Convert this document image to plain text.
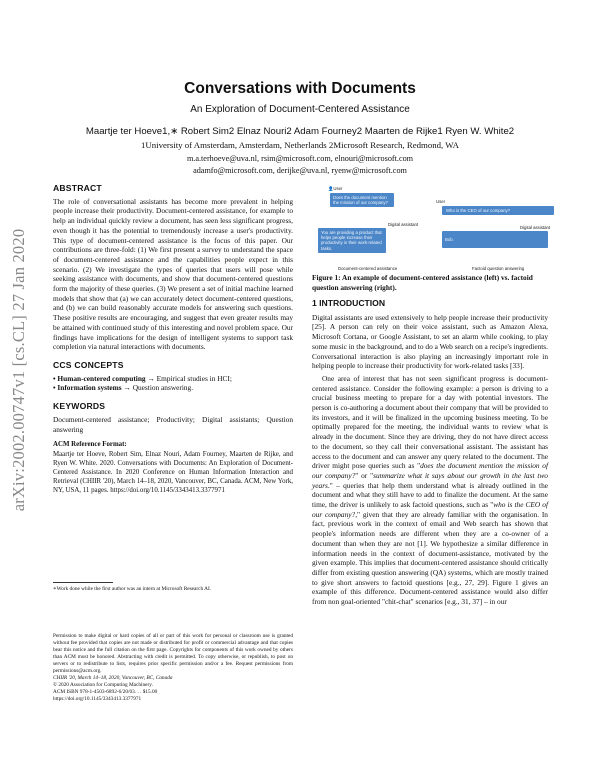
arXiv:2002.00747v1 [cs.CL] 27 Jan 2020
Conversations with Documents
An Exploration of Document-Centered Assistance
Maartje ter Hoeve1,∗ Robert Sim2 Elnaz Nouri2 Adam Fourney2 Maarten de Rijke1 Ryen W. White2
1University of Amsterdam, Amsterdam, Netherlands 2Microsoft Research, Redmond, WA
m.a.terhoeve@uva.nl, rsim@microsoft.com, elnouri@microsoft.com
adamfo@microsoft.com, derijke@uva.nl, ryenw@microsoft.com
ABSTRACT

The role of conversational assistants has become more prevalent in helping people increase their productivity. Document-centered assistance, for example to help an individual quickly review a document, has seen less significant progress, even though it has the potential to tremendously increase a user's productivity. This type of document-centered assistance is the focus of this paper. Our contributions are three-fold: (1) We first present a survey to understand the space of document-centered assistance and the capabilities people expect in this scenario. (2) We investigate the types of queries that users will pose while seeking assistance with documents, and show that document-centered questions form the majority of these queries. (3) We present a set of initial machine learned models that show that (a) we can accurately detect document-centered questions, and (b) we can build reasonably accurate models for answering such questions. These positive results are encouraging, and suggest that even greater results may be attained with continued study of this interesting and novel problem space. Our findings have implications for the design of intelligent systems to support task completion via natural interactions with documents.

CCS CONCEPTS
• Human-centered computing → Empirical studies in HCI;
• Information systems → Question answering.
KEYWORDS

Document-centered assistance; Productivity; Digital assistants; Question answering

ACM Reference Format:

Maartje ter Hoeve, Robert Sim, Elnaz Nouri, Adam Fourney, Maarten de Rijke, and Ryen W. White. 2020. Conversations with Documents: An Exploration of Document-Centered Assistance. In 2020 Conference on Human Information Interaction and Retrieval (CHIIR '20), March 14–18, 2020, Vancouver, BC, Canada. ACM, New York, NY, USA, 11 pages. https://doi.org/10.1145/3343413.3377971

∗Work done while the first author was an intern at Microsoft Research AI.
Permission to make digital or hard copies of all or part of this work for personal or classroom use is granted without fee provided that copies are not made or distributed for profit or commercial advantage and that copies bear this notice and the full citation on the first page. Copyrights for components of this work owned by others than ACM must be honored. Abstracting with credit is permitted. To copy otherwise, or republish, to post on servers or to redistribute to lists, requires prior specific permission and/or a fee. Request permissions from permissions@acm.org.
CHIIR '20, March 14–18, 2020, Vancouver, BC, Canada
© 2020 Association for Computing Machinery.
ACM ISBN 978-1-4503-6892-6/20/03. . . $15.00
https://doi.org/10.1145/3343413.3377971
👤User
Does the document mention the mission of our company?
Digital assistant
You are providing a product that helps people increase their productivity in their work-related tasks.
Document-centered assistance
User
Who is the CEO of our company?
Digital assistant
Bob.
Factoid question answering
Figure 1: An example of document-centered assistance (left) vs. factoid question answering (right).
1 INTRODUCTION

Digital assistants are used extensively to help people increase their productivity [25]. A person can rely on their voice assistant, such as Amazon Alexa, Microsoft Cortana, or Google Assistant, to set an alarm while cooking, to play some music in the background, and to do a Web search on a recipe's ingredients. Conversational interaction is also playing an increasingly important role in helping people to increase their productivity for work-related tasks [33].

One area of interest that has not seen significant progress is document-centered assistance. Consider the following example: a person is driving to a crucial business meeting to prepare for a day with potential investors. The person is co-authoring a document about their company that will be provided to its investors, and it will be finalized in the upcoming business meeting. To be optimally prepared for the meeting, the individual wants to review what is already in the document. Since they are driving, they do not have direct access to the document, so they call their conversational assistant. The assistant has access to the document and can answer any query related to the document. The driver might pose queries such as "does the document mention the mission of our company?" or "summarize what it says about our growth in the last two years." – queries that help them understand what is already outlined in the document and what they still have to add to finalize the document. At the same time, the driver is unlikely to ask factoid questions, such as "who is the CEO of our company?," given that they are already familiar with the organisation. In fact, previous work in the context of email and Web search has shown that people's information needs are different when they are a co-owner of a document than when they are not [1]. We hypothesize a similar difference in information needs in the context of document-assistance, motivated by the given example. This implies that document-centered assistance should critically differ from existing question answering (QA) systems, which are mostly trained to give short answers to factoid questions [e.g., 27, 29]. Figure 1 gives an example of this difference. Document-centered assistance would also differ from non goal-oriented "chit-chat" scenarios [e.g., 31, 37] – in our
